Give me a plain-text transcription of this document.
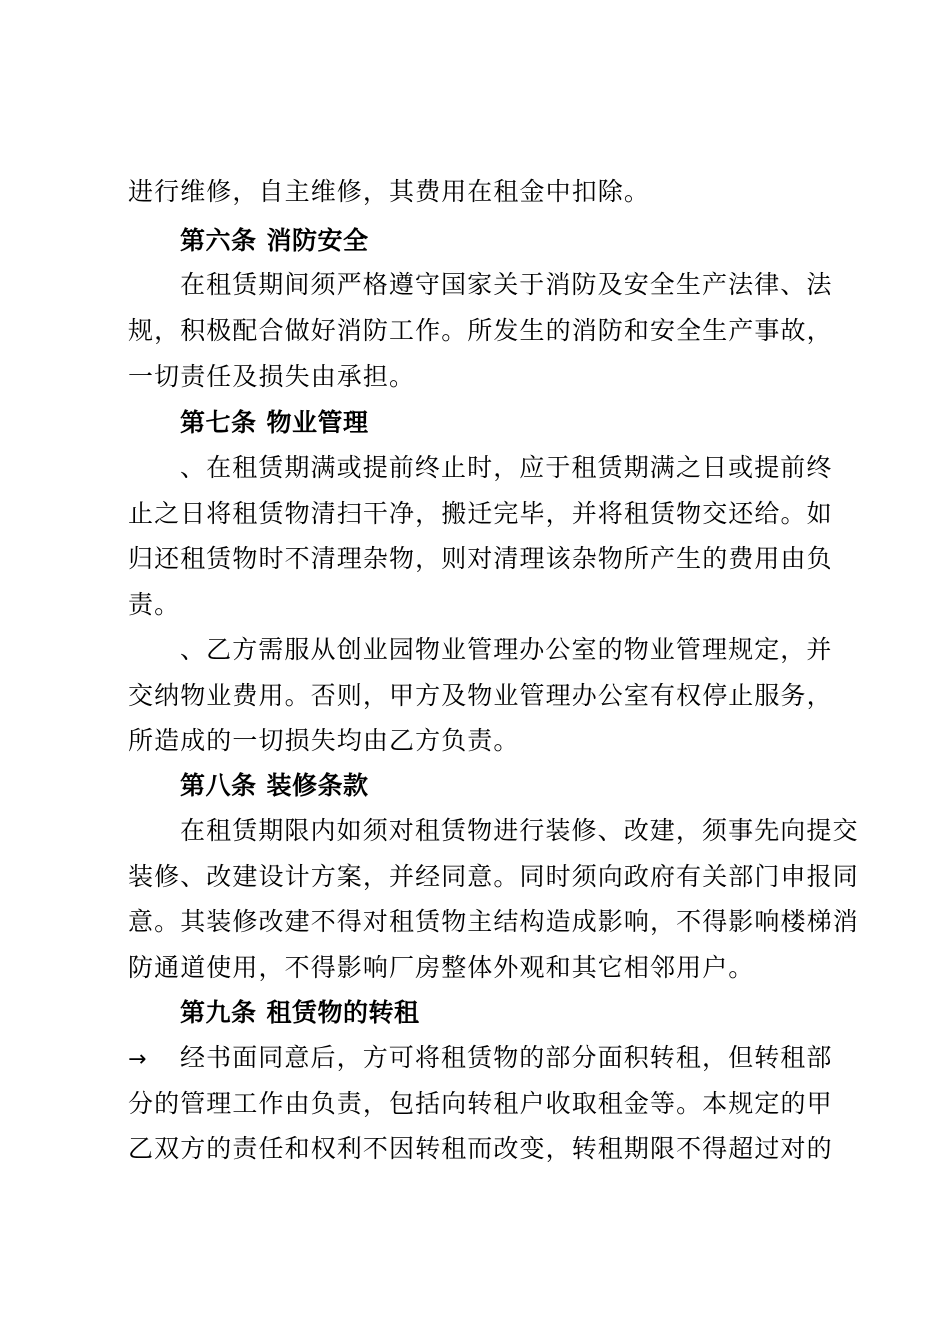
进行维修，自主维修，其费用在租金中扣除。
第六条 消防安全
在租赁期间须严格遵守国家关于消防及安全生产法律、法
规，积极配合做好消防工作。所发生的消防和安全生产事故，
一切责任及损失由承担。
第七条 物业管理
、在租赁期满或提前终止时，应于租赁期满之日或提前终
止之日将租赁物清扫干净，搬迁完毕，并将租赁物交还给。如
归还租赁物时不清理杂物，则对清理该杂物所产生的费用由负
责。
、乙方需服从创业园物业管理办公室的物业管理规定，并
交纳物业费用。否则，甲方及物业管理办公室有权停止服务，
所造成的一切损失均由乙方负责。
第八条 装修条款
在租赁期限内如须对租赁物进行装修、改建，须事先向提交
装修、改建设计方案，并经同意。同时须向政府有关部门申报同
意。其装修改建不得对租赁物主结构造成影响，不得影响楼梯消
防通道使用，不得影响厂房整体外观和其它相邻用户。
第九条 租赁物的转租
→ 经书面同意后，方可将租赁物的部分面积转租，但转租部
分的管理工作由负责，包括向转租户收取租金等。本规定的甲
乙双方的责任和权利不因转租而改变，转租期限不得超过对的
